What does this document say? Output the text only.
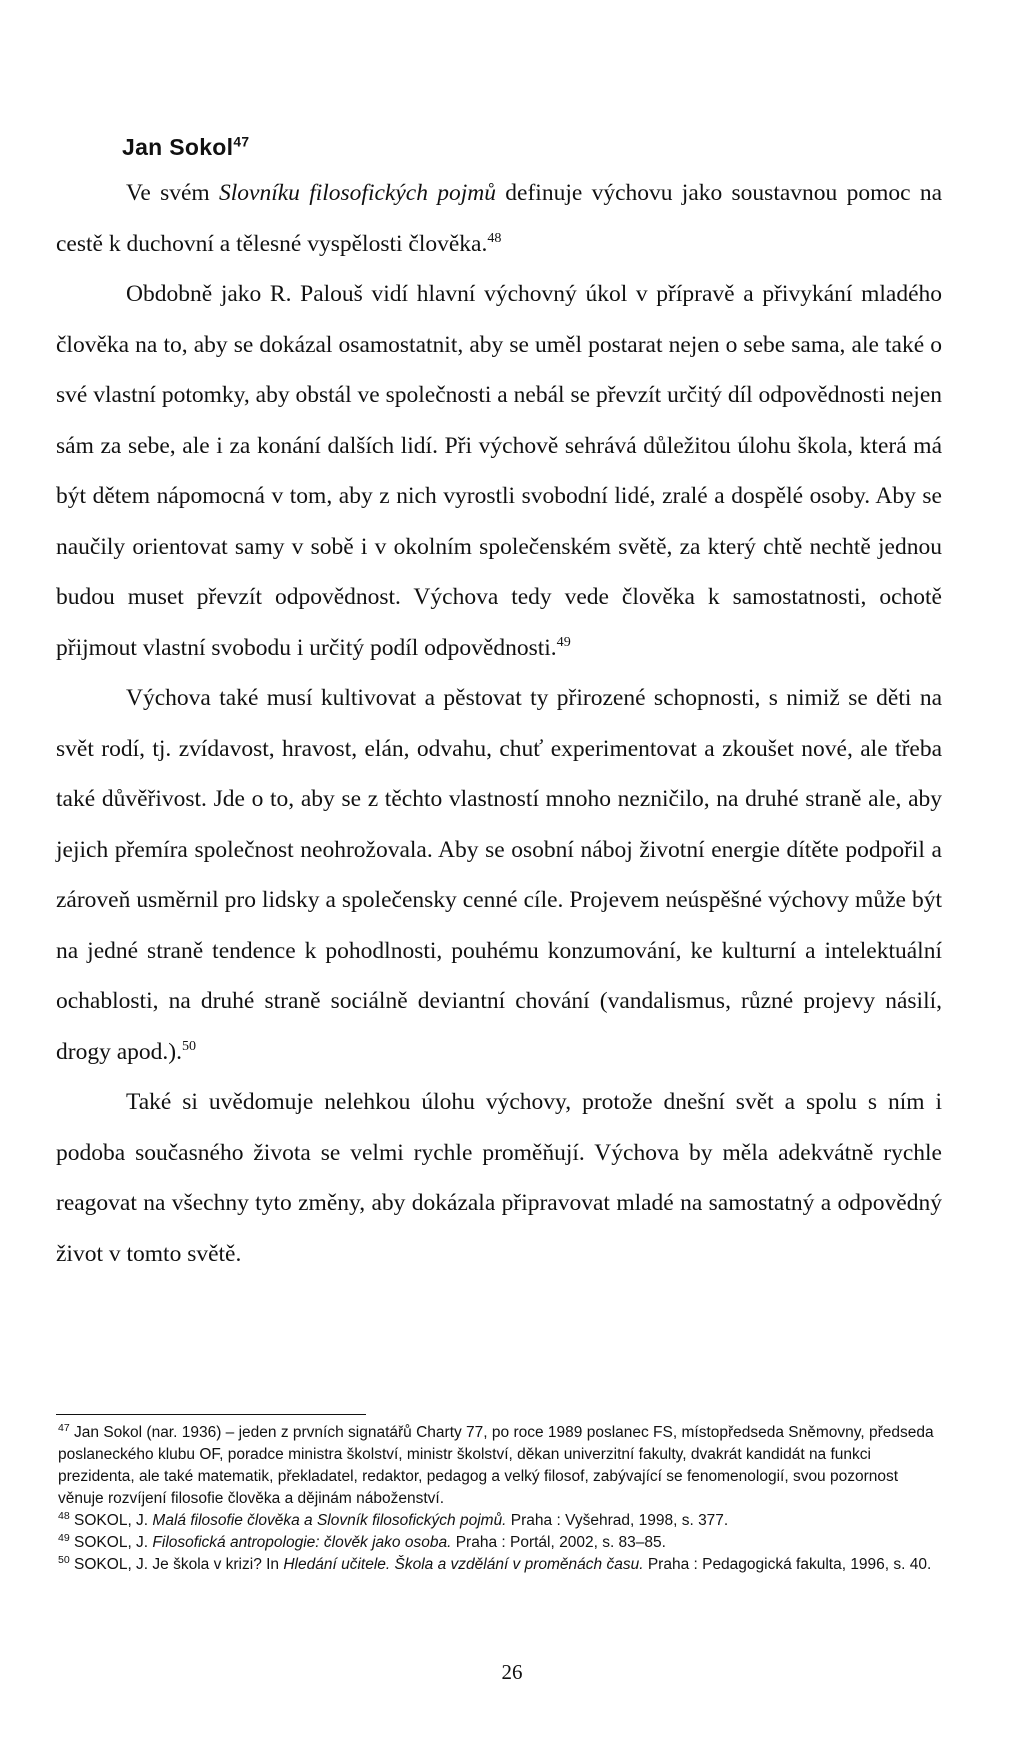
Jan Sokol$^{47}$

Ve svém Slovníku filosofických pojmů definuje výchovu jako soustavnou pomoc na cestě k duchovní a tělesné vyspělosti člověka.$^{48}$

Obdobně jako R. Palouš vidí hlavní výchovný úkol v přípravě a přivykání mladého člověka na to, aby se dokázal osamostatnit, aby se uměl postarat nejen o sebe sama, ale také o své vlastní potomky, aby obstál ve společnosti a nebál se převzít určitý díl odpovědnosti nejen sám za sebe, ale i za konání dalších lidí. Při výchově sehrává důležitou úlohu škola, která má být dětem nápomocná v tom, aby z nich vyrostli svobodní lidé, zralé a dospělé osoby. Aby se naučily orientovat samy v sobě i v okolním společenském světě, za který chtě nechtě jednou budou muset převzít odpovědnost. Výchova tedy vede člověka k samostatnosti, ochotě přijmout vlastní svobodu i určitý podíl odpovědnosti.$^{49}$

Výchova také musí kultivovat a pěstovat ty přirozené schopnosti, s nimiž se děti na svět rodí, tj. zvídavost, hravost, elán, odvahu, chuť experimentovat a zkoušet nové, ale třeba také důvěřivost. Jde o to, aby se z těchto vlastností mnoho nezničilo, na druhé straně ale, aby jejich přemíra společnost neohrožovala. Aby se osobní náboj životní energie dítěte podpořil a zároveň usměrnil pro lidsky a společensky cenné cíle. Projevem neúspěšné výchovy může být na jedné straně tendence k pohodlnosti, pouhému konzumování, ke kulturní a intelektuální ochablosti, na druhé straně sociálně deviantní chování (vandalismus, různé projevy násilí, drogy apod.).$^{50}$

Také si uvědomuje nelehkou úlohu výchovy, protože dnešní svět a spolu s ním i podoba současného života se velmi rychle proměňují. Výchova by měla adekvátně rychle reagovat na všechny tyto změny, aby dokázala připravovat mladé na samostatný a odpovědný život v tomto světě.

$^{47}$ Jan Sokol (nar. 1936) – jeden z prvních signatářů Charty 77, po roce 1989 poslanec FS, místopředseda Sněmovny, předseda poslaneckého klubu OF, poradce ministra školství, ministr školství, děkan univerzitní fakulty, dvakrát kandidát na funkci prezidenta, ale také matematik, překladatel, redaktor, pedagog a velký filosof, zabývající se fenomenologií, svou pozornost věnuje rozvíjení filosofie člověka a dějinám náboženství.

$^{48}$ SOKOL, J. Malá filosofie člověka a Slovník filosofických pojmů. Praha : Vyšehrad, 1998, s. 377.

$^{49}$ SOKOL, J. Filosofická antropologie: člověk jako osoba. Praha : Portál, 2002, s. 83–85.

$^{50}$ SOKOL, J. Je škola v krizi? In Hledání učitele. Škola a vzdělání v proměnách času. Praha : Pedagogická fakulta, 1996, s. 40.

26
